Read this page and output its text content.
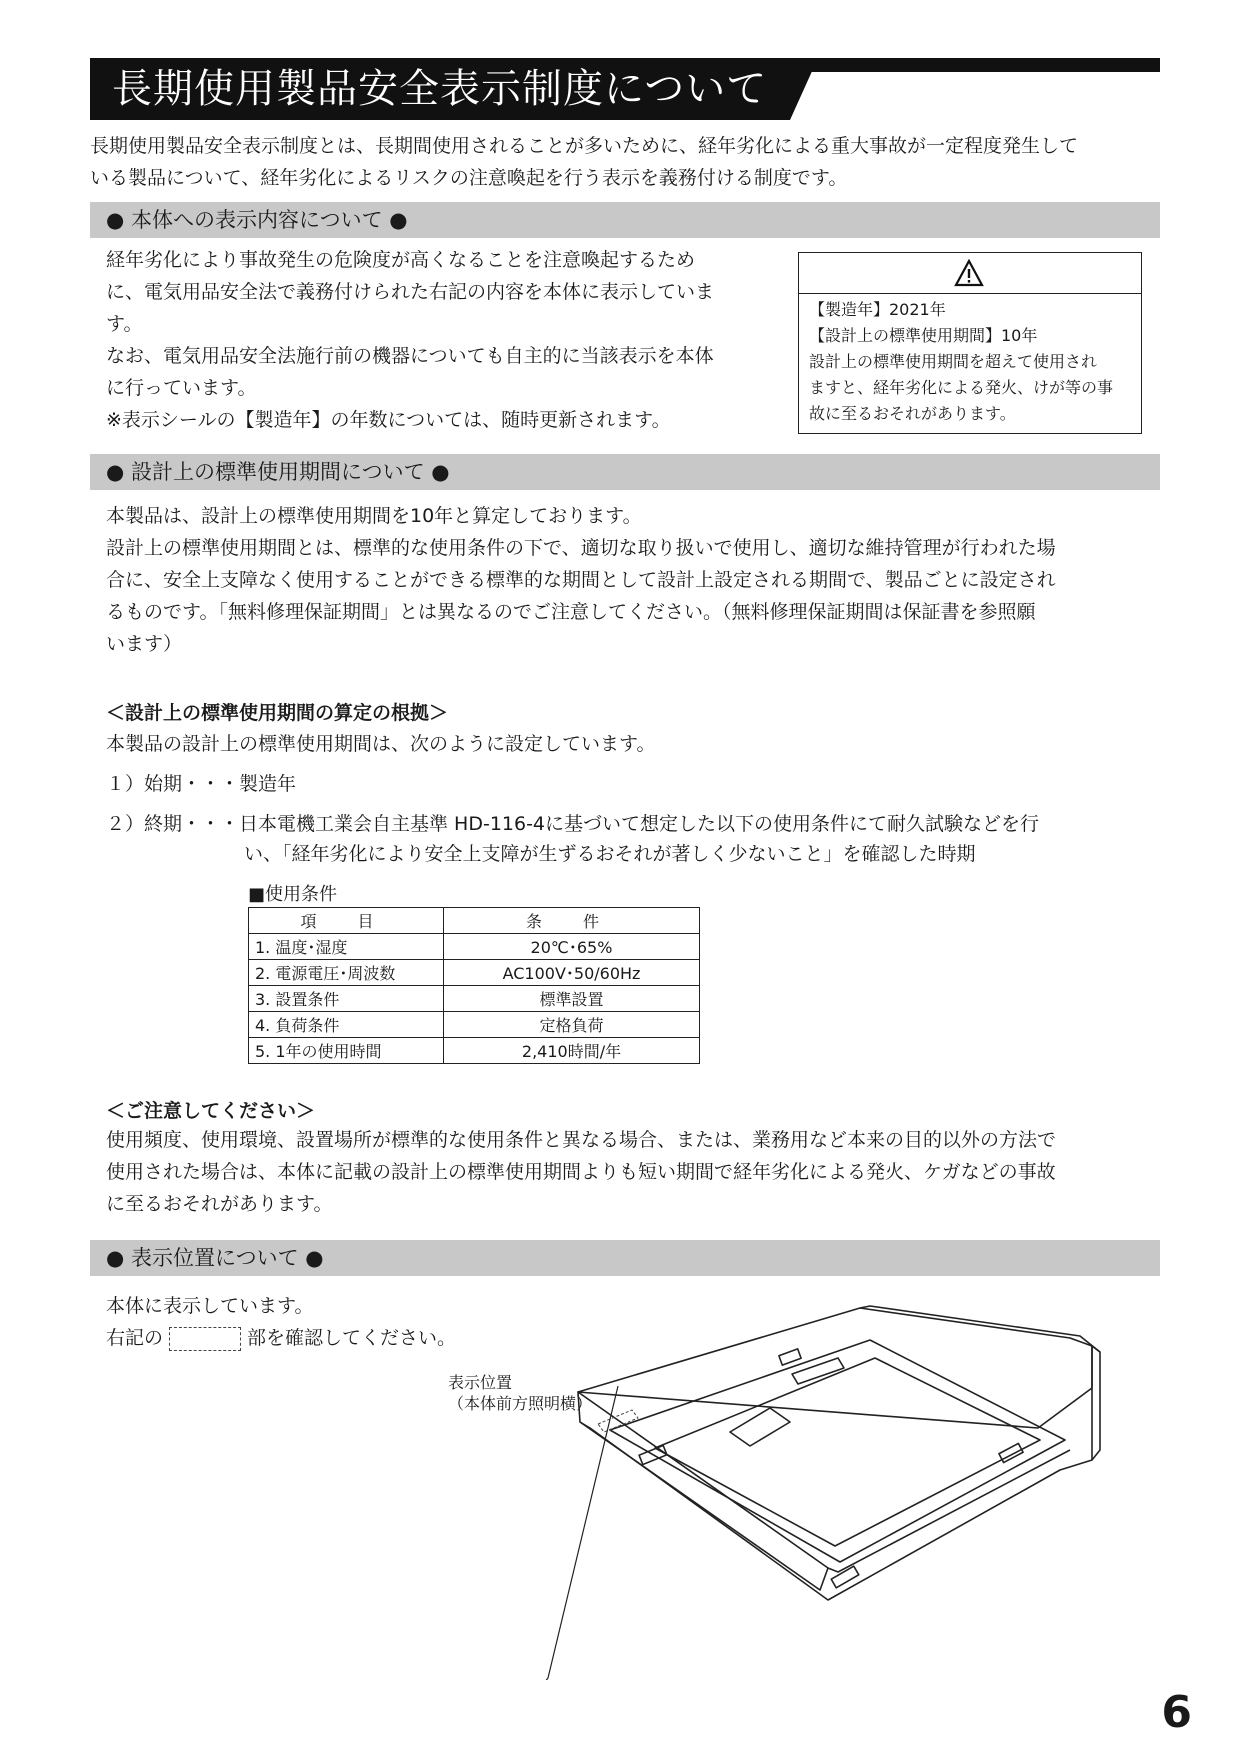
長期使用製品安全表示制度について
長期使用製品安全表示制度とは、長期間使用されることが多いために、経年劣化による重大事故が一定程度発生して
いる製品について、経年劣化によるリスクの注意喚起を行う表示を義務付ける制度です。
● 本体への表示内容について ●

経年劣化により事故発生の危険度が高くなることを注意喚起するため

に、電気用品安全法で義務付けられた右記の内容を本体に表示していま

す。

なお、電気用品安全法施行前の機器についても自主的に当該表示を本体

に行っています。

※表示シールの【製造年】の年数については、随時更新されます。

【製造年】2021年
【設計上の標準使用期間】10年
設計上の標準使用期間を超えて使用され
ますと、経年劣化による発火、けが等の事
故に至るおそれがあります。
● 設計上の標準使用期間について ●

本製品は、設計上の標準使用期間を10年と算定しております。

設計上の標準使用期間とは、標準的な使用条件の下で、適切な取り扱いで使用し、適切な維持管理が行われた場

合に、安全上支障なく使用することができる標準的な期間として設計上設定される期間で、製品ごとに設定され

るものです。「無料修理保証期間」とは異なるのでご注意してください。（無料修理保証期間は保証書を参照願

います）

＜設計上の標準使用期間の算定の根拠＞
本製品の設計上の標準使用期間は、次のように設定しています。
１）始期・・・製造年
２）終期・・・日本電機工業会自主基準 HD-116-4に基づいて想定した以下の使用条件にて耐久試験などを行
い、「経年劣化により安全上支障が生ずるおそれが著しく少ないこと」を確認した時期
■使用条件
項 目	条 件
1. 温度･湿度	20℃･65%
2. 電源電圧･周波数	AC100V･50/60Hz
3. 設置条件	標準設置
4. 負荷条件	定格負荷
5. 1年の使用時間	2,410時間/年
＜ご注意してください＞

使用頻度、使用環境、設置場所が標準的な使用条件と異なる場合、または、業務用など本来の目的以外の方法で

使用された場合は、本体に記載の設計上の標準使用期間よりも短い期間で経年劣化による発火、ケガなどの事故

に至るおそれがあります。

● 表示位置について ●
本体に表示しています。
右記の	部を確認してください。
表示位置
（本体前方照明横）
6
